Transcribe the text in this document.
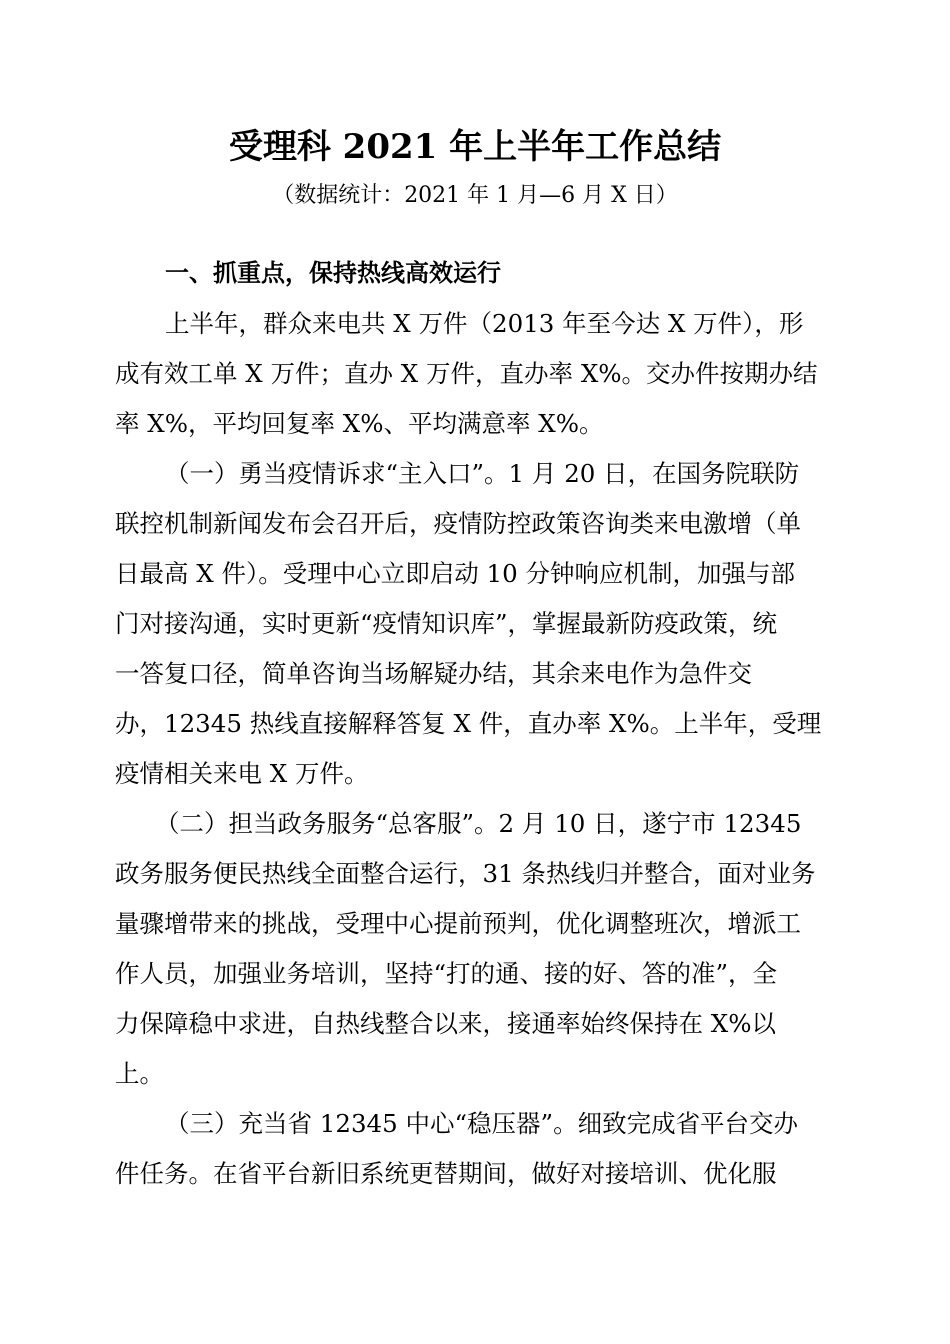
受理科 2021 年上半年工作总结
（数据统计：2021 年 1 月—6 月 X 日）
一、抓重点，保持热线高效运行
上半年，群众来电共 X 万件（2013 年至今达 X 万件），形
成有效工单 X 万件；直办 X 万件，直办率 X%。交办件按期办结
率 X%，平均回复率 X%、平均满意率 X%。
（一）勇当疫情诉求“主入口”。1 月 20 日，在国务院联防
联控机制新闻发布会召开后，疫情防控政策咨询类来电激增（单
日最高 X 件）。受理中心立即启动 10 分钟响应机制，加强与部
门对接沟通，实时更新“疫情知识库”，掌握最新防疫政策，统
一答复口径，简单咨询当场解疑办结，其余来电作为急件交
办，12345 热线直接解释答复 X 件，直办率 X%。上半年，受理
疫情相关来电 X 万件。
（二）担当政务服务“总客服”。2 月 10 日，遂宁市 12345
政务服务便民热线全面整合运行，31 条热线归并整合，面对业务
量骤增带来的挑战，受理中心提前预判，优化调整班次，增派工
作人员，加强业务培训，坚持“打的通、接的好、答的准”，全
力保障稳中求进，自热线整合以来，接通率始终保持在 X%以
上。
（三）充当省 12345 中心“稳压器”。细致完成省平台交办
件任务。在省平台新旧系统更替期间，做好对接培训、优化服
